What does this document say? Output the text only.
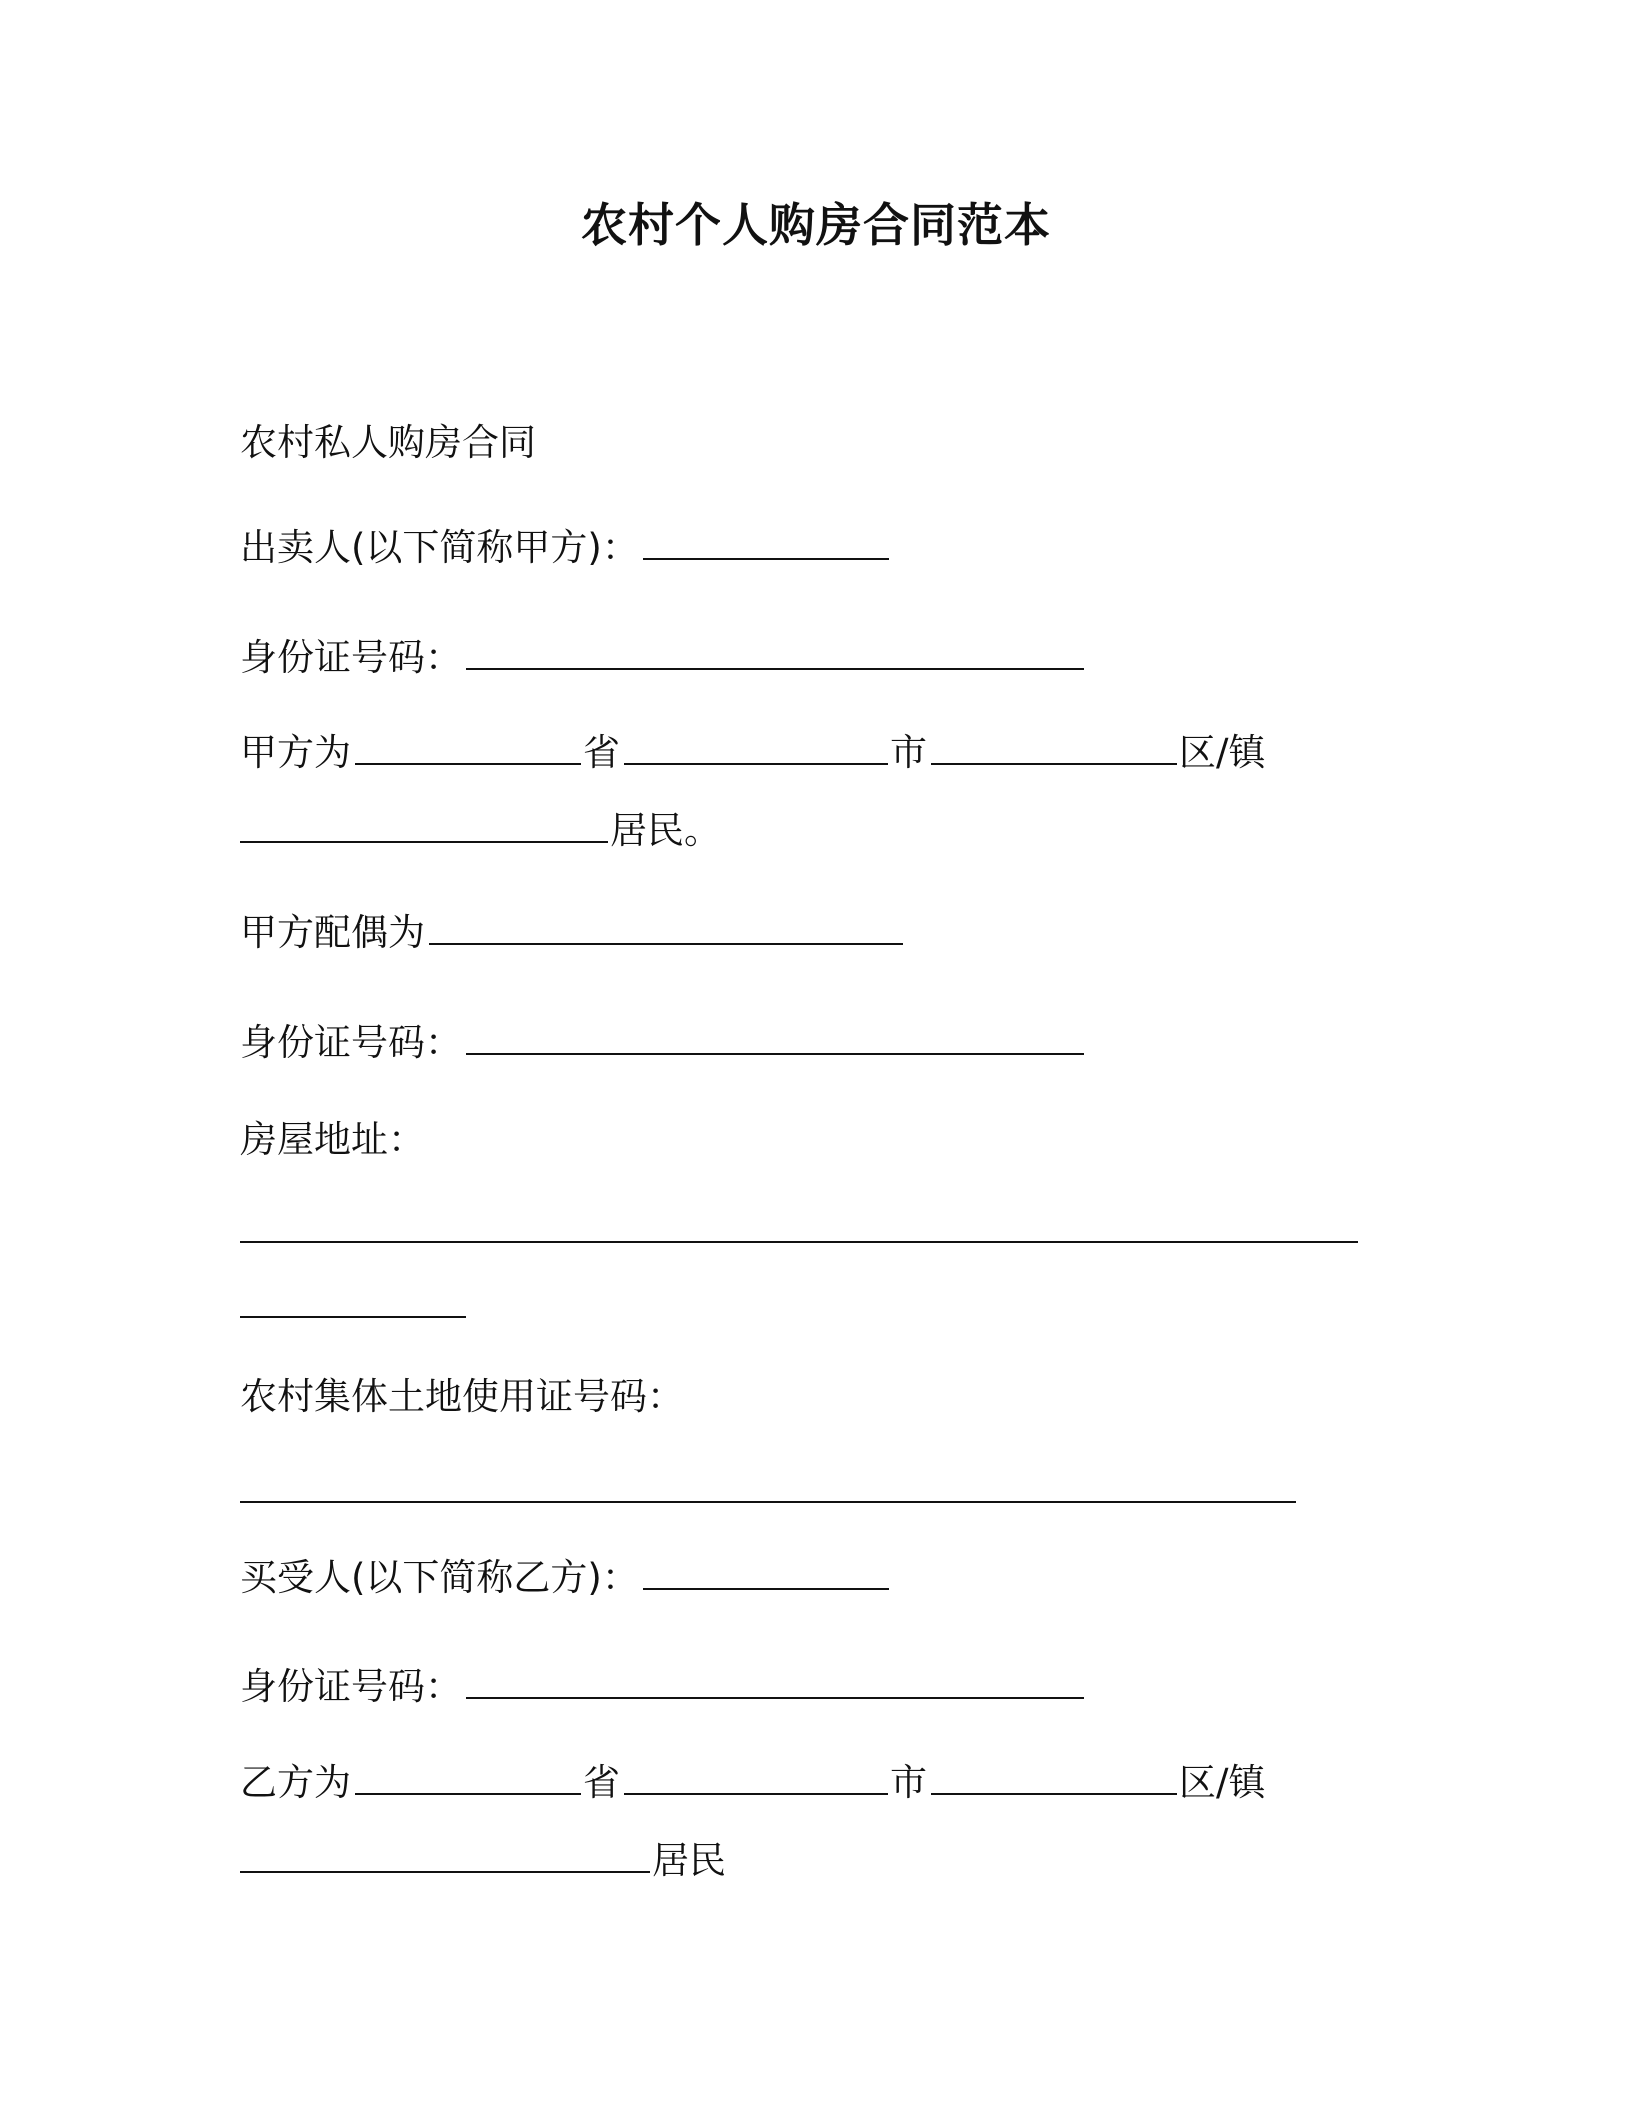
农村个人购房合同范本
农村私人购房合同
出卖人(以下简称甲方)：
身份证号码：
甲方为	省	市	区/镇
居民。
甲方配偶为
身份证号码：
房屋地址：
农村集体土地使用证号码：
买受人(以下简称乙方)：
身份证号码：
乙方为	省	市	区/镇
居民
